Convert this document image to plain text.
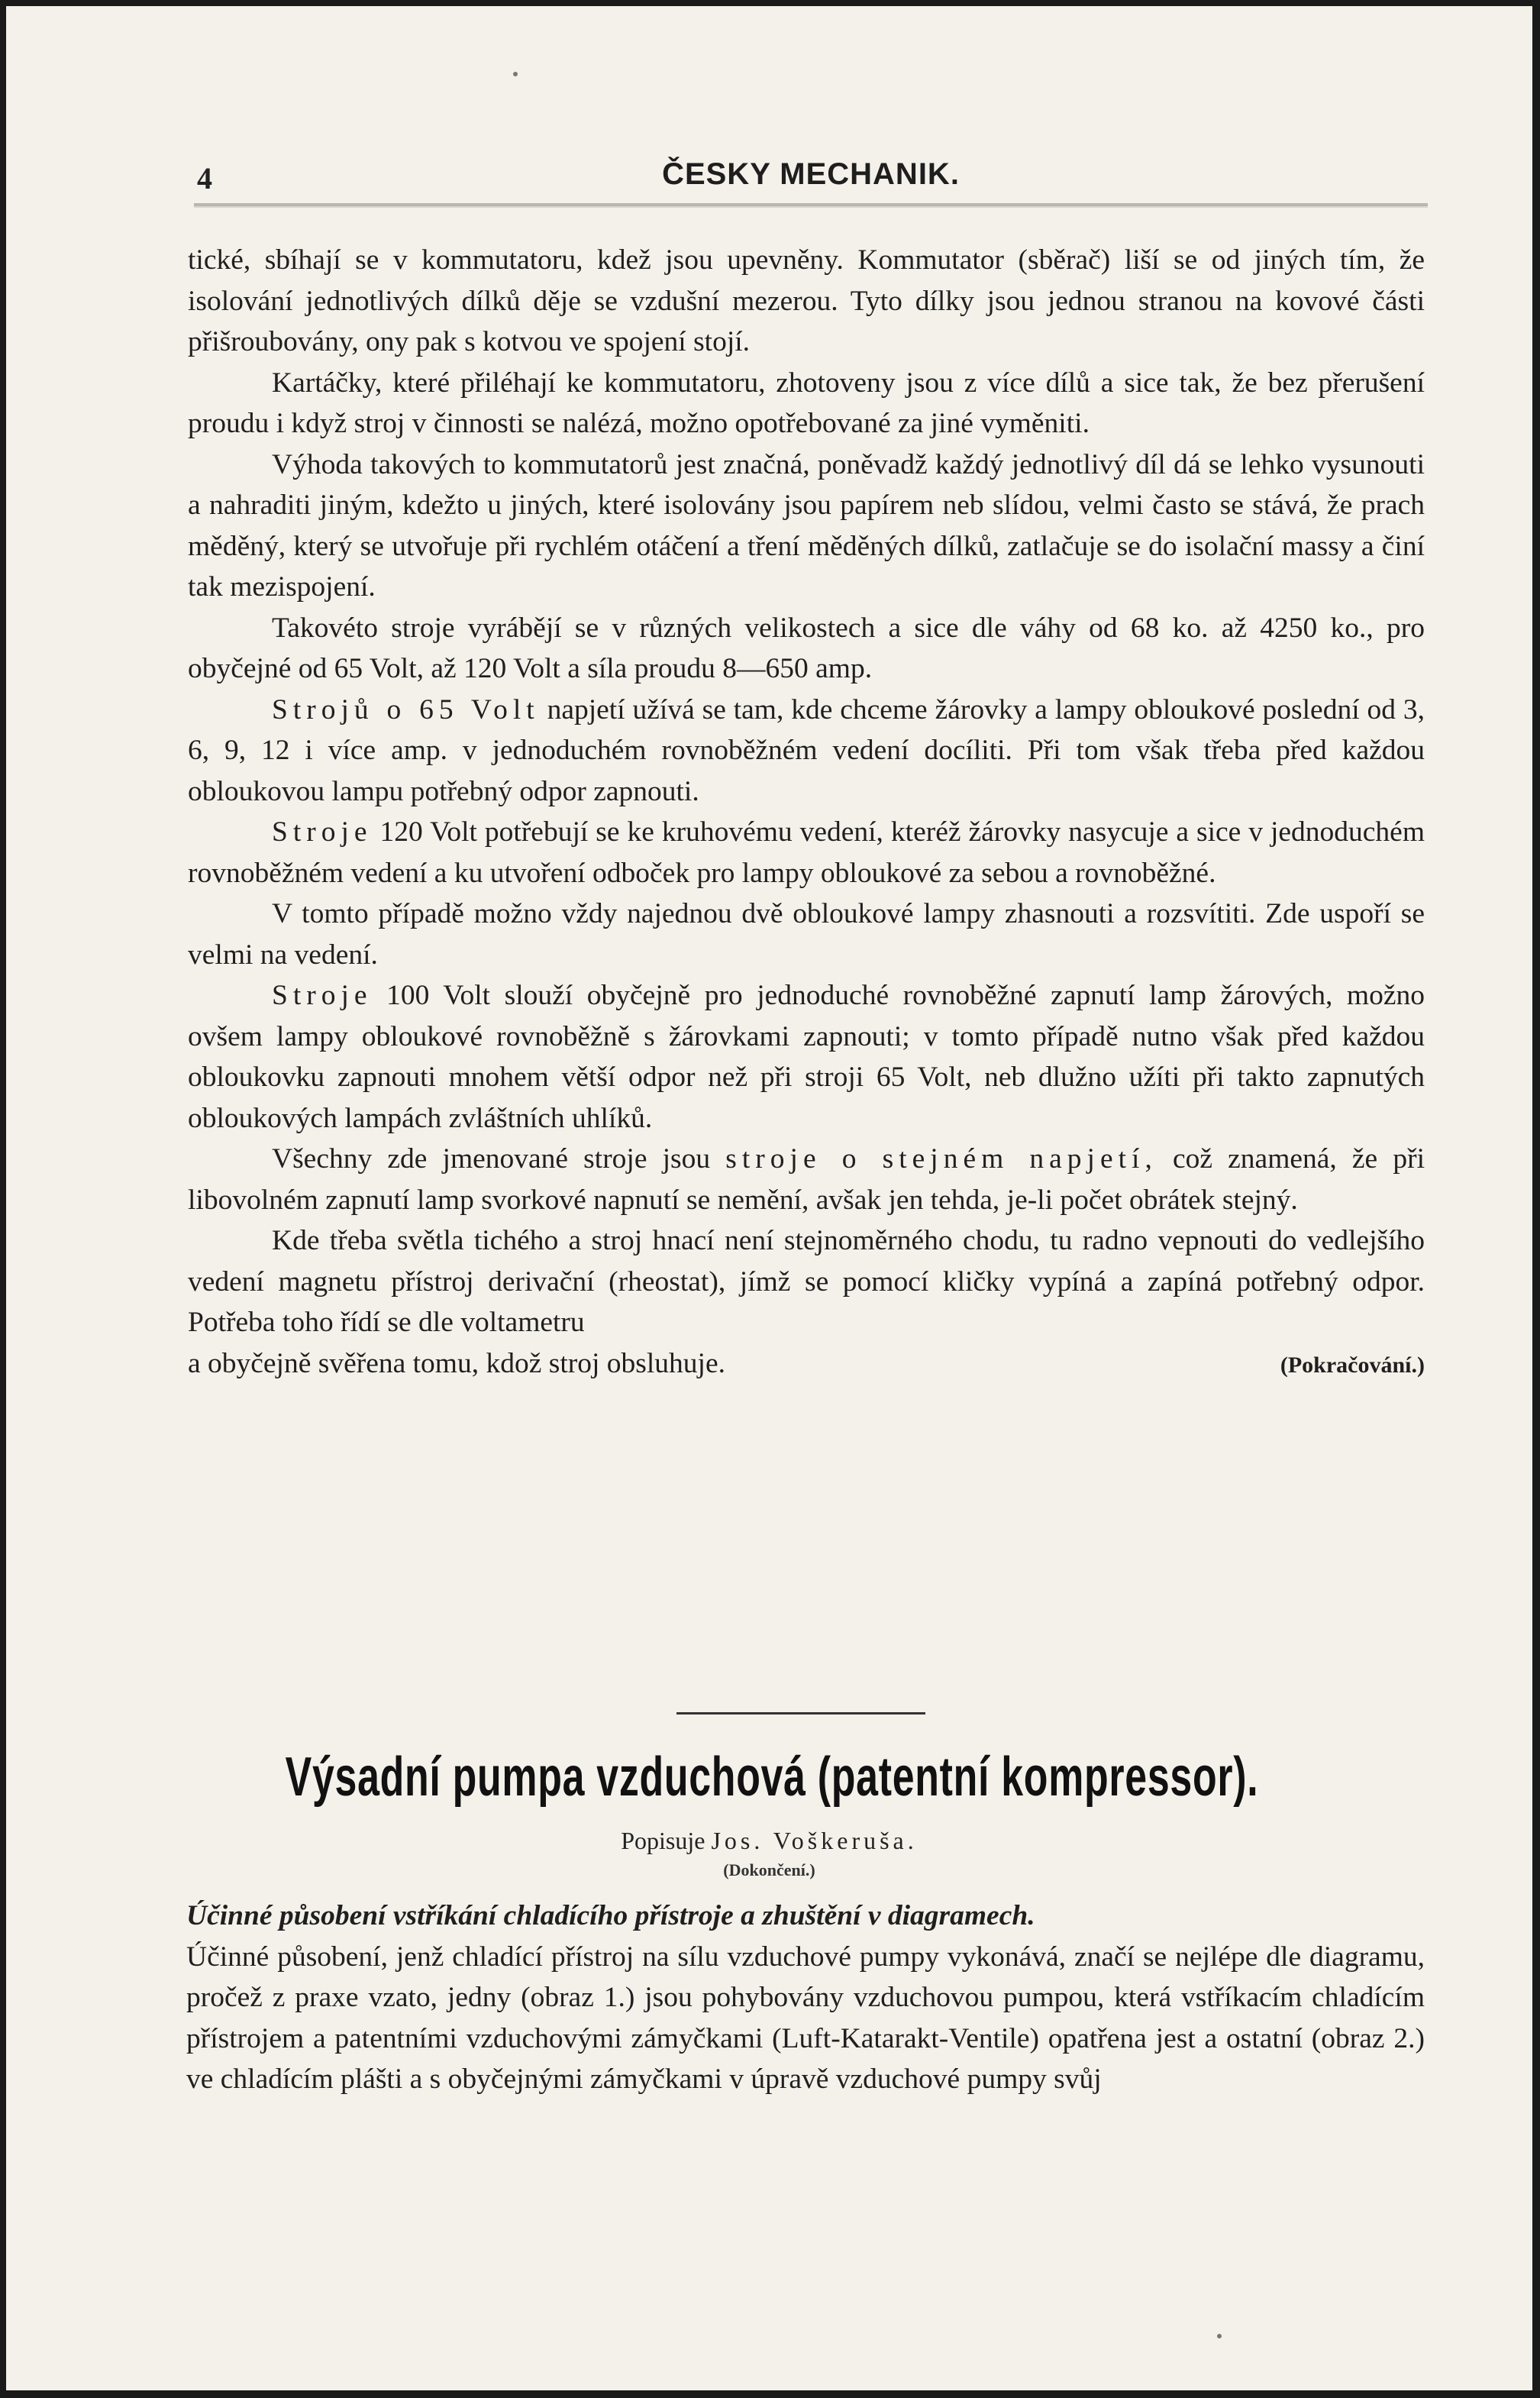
4	ČESKY MECHANIK.

tické, sbíhají se v kommutatoru, kdež jsou upevněny. Kommutator (sběrač) liší se od jiných tím, že isolování jednotlivých dílků děje se vzdušní mezerou. Tyto dílky jsou jednou stranou na kovové části přišroubovány, ony pak s kotvou ve spojení stojí.

Kartáčky, které přiléhají ke kommutatoru, zhotoveny jsou z více dílů a sice tak, že bez přerušení proudu i když stroj v činnosti se nalézá, možno opotřebované za jiné vyměniti.

Výhoda takových to kommutatorů jest značná, poněvadž každý jednotlivý díl dá se lehko vysunouti a nahraditi jiným, kdežto u jiných, které isolovány jsou papírem neb slídou, velmi často se stává, že prach měděný, který se utvořuje při rychlém otáčení a tření měděných dílků, zatlačuje se do isolační massy a činí tak mezispojení.

Takovéto stroje vyrábějí se v různých velikostech a sice dle váhy od 68 ko. až 4250 ko., pro obyčejné od 65 Volt, až 120 Volt a síla proudu 8—650 amp.

Strojů o 65 Volt napjetí užívá se tam, kde chceme žárovky a lampy obloukové poslední od 3, 6, 9, 12 i více amp. v jednoduchém rovnoběžném vedení docíliti. Při tom však třeba před každou obloukovou lampu potřebný odpor zapnouti.

Stroje 120 Volt potřebují se ke kruhovému vedení, kteréž žárovky nasycuje a sice v jednoduchém rovnoběžném vedení a ku utvoření odboček pro lampy obloukové za sebou a rovnoběžné.

V tomto případě možno vždy najednou dvě obloukové lampy zhasnouti a rozsvítiti. Zde uspoří se velmi na vedení.

Stroje 100 Volt slouží obyčejně pro jednoduché rovnoběžné zapnutí lamp žárových, možno ovšem lampy obloukové rovnoběžně s žárovkami zapnouti; v tomto případě nutno však před každou obloukovku zapnouti mnohem větší odpor než při stroji 65 Volt, neb dlužno užíti při takto zapnutých obloukových lampách zvláštních uhlíků.

Všechny zde jmenované stroje jsou stroje o stejném napjetí, což znamená, že při libovolném zapnutí lamp svorkové napnutí se nemění, avšak jen tehda, je-li počet obrátek stejný.

Kde třeba světla tichého a stroj hnací není stejnoměrného chodu, tu radno vepnouti do vedlejšího vedení magnetu přístroj derivační (rheostat), jímž se pomocí kličky vypíná a zapíná potřebný odpor. Potřeba toho řídí se dle voltametru

a obyčejně svěřena tomu, kdož stroj obsluhuje.	(Pokračování.)
Výsadní pumpa vzduchová (patentní kompressor).
Popisuje Jos. Voškeruša.
(Dokončení.)

Účinné působení vstříkání chladícího přístroje a zhuštění v diagramech.

Účinné působení, jenž chladící přístroj na sílu vzduchové pumpy vykonává, značí se nejlépe dle diagramu, pročež z praxe vzato, jedny (obraz 1.) jsou pohybovány vzduchovou pumpou, která vstříkacím chladícím přístrojem a patentními vzduchovými zámyčkami (Luft-Katarakt-Ventile) opatřena jest a ostatní (obraz 2.) ve chladícím plášti a s obyčejnými zámyčkami v úpravě vzduchové pumpy svůj
